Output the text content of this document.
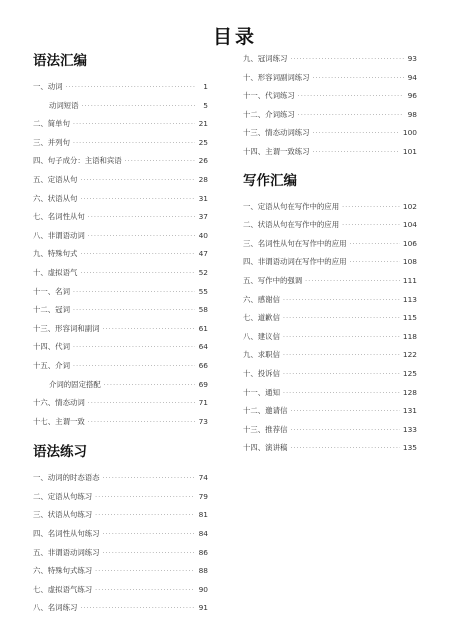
目录
语法汇编
一、动词 ·····	1
动词短语 ·····	5
二、简单句 ·····	21
三、并列句 ·····	25
四、句子成分：主语和宾语 ·····	26
五、定语从句 ·····	28
六、状语从句 ·····	31
七、名词性从句 ·····	37
八、非谓语动词 ·····	40
九、特殊句式 ·····	47
十、虚拟语气 ·····	52
十一、名词 ·····	55
十二、冠词 ·····	58
十三、形容词和副词 ·····	61
十四、代词 ·····	64
十五、介词 ·····	66
介词的固定搭配 ·····	69
十六、情态动词 ·····	71
十七、主谓一致 ·····	73
语法练习
一、动词的时态语态 ·····	74
二、定语从句练习 ·····	79
三、状语从句练习 ·····	81
四、名词性从句练习 ·····	84
五、非谓语动词练习 ·····	86
六、特殊句式练习 ·····	88
七、虚拟语气练习 ·····	90
八、名词练习 ·····	91
九、冠词练习 ·····	93
十、形容词副词练习 ·····	94
十一、代词练习 ·····	96
十二、介词练习 ·····	98
十三、情态动词练习 ·····	100
十四、主谓一致练习 ·····	101
写作汇编
一、定语从句在写作中的应用 ·····	102
二、状语从句在写作中的应用 ·····	104
三、名词性从句在写作中的应用 ·····	106
四、非谓语动词在写作中的应用 ·····	108
五、写作中的强调 ·····	111
六、感谢信 ·····	113
七、道歉信 ·····	115
八、建议信 ·····	118
九、求职信 ·····	122
十、投诉信 ·····	125
十一、通知 ·····	128
十二、邀请信 ·····	131
十三、推荐信 ·····	133
十四、演讲稿 ·····	135
